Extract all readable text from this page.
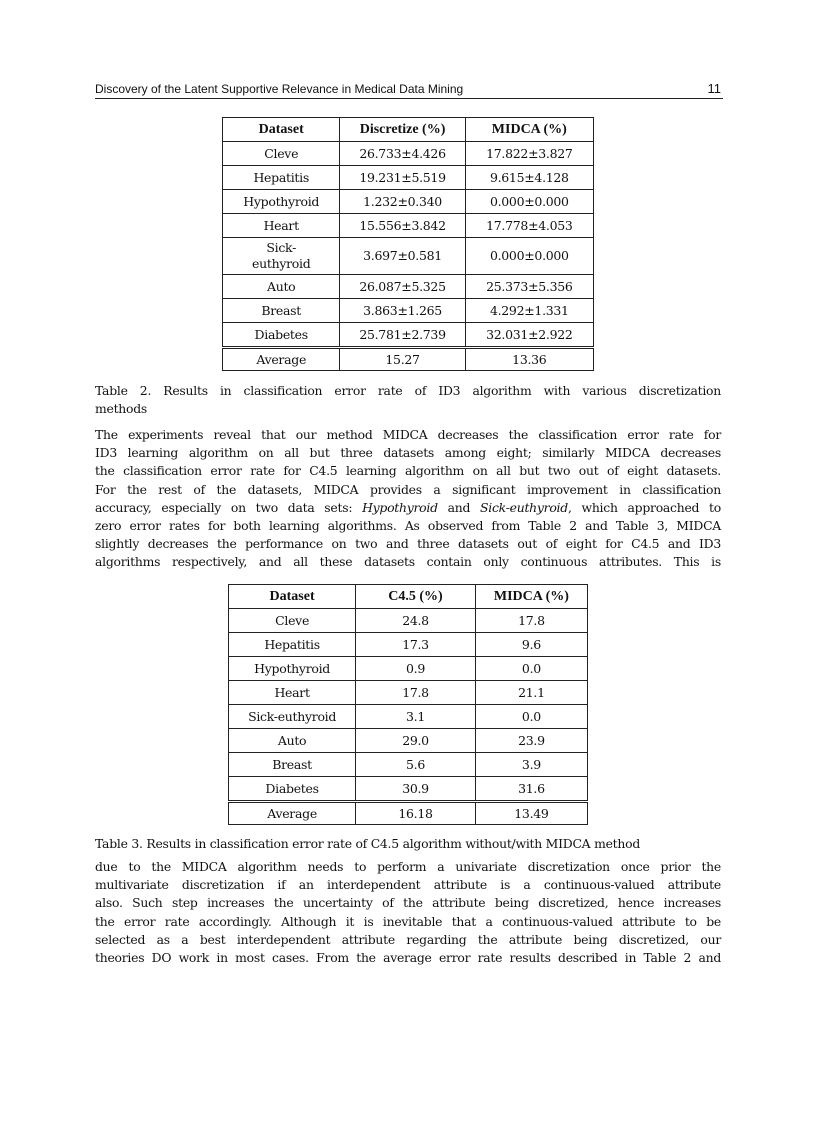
Discovery of the Latent Supportive Relevance in Medical Data Mining	11
Dataset	Discretize (%)	MIDCA (%)
Cleve	26.733±4.426	17.822±3.827
Hepatitis	19.231±5.519	9.615±4.128
Hypothyroid	1.232±0.340	0.000±0.000
Heart	15.556±3.842	17.778±4.053
Sick-
euthyroid	3.697±0.581	0.000±0.000
Auto	26.087±5.325	25.373±5.356
Breast	3.863±1.265	4.292±1.331
Diabetes	25.781±2.739	32.031±2.922
Average	15.27	13.36
Table 2. Results in classification error rate of ID3 algorithm with various discretization
methods
The experiments reveal that our method MIDCA decreases the classification error rate for
ID3 learning algorithm on all but three datasets among eight; similarly MIDCA decreases
the classification error rate for C4.5 learning algorithm on all but two out of eight datasets.
For the rest of the datasets, MIDCA provides a significant improvement in classification
accuracy, especially on two data sets: Hypothyroid and Sick-euthyroid, which approached to
zero error rates for both learning algorithms. As observed from Table 2 and Table 3, MIDCA
slightly decreases the performance on two and three datasets out of eight for C4.5 and ID3
algorithms respectively, and all these datasets contain only continuous attributes. This is
Dataset	C4.5 (%)	MIDCA (%)
Cleve	24.8	17.8
Hepatitis	17.3	9.6
Hypothyroid	0.9	0.0
Heart	17.8	21.1
Sick-euthyroid	3.1	0.0
Auto	29.0	23.9
Breast	5.6	3.9
Diabetes	30.9	31.6
Average	16.18	13.49
Table 3. Results in classification error rate of C4.5 algorithm without/with MIDCA method
due to the MIDCA algorithm needs to perform a univariate discretization once prior the
multivariate discretization if an interdependent attribute is a continuous-valued attribute
also. Such step increases the uncertainty of the attribute being discretized, hence increases
the error rate accordingly. Although it is inevitable that a continuous-valued attribute to be
selected as a best interdependent attribute regarding the attribute being discretized, our
theories DO work in most cases. From the average error rate results described in Table 2 and
